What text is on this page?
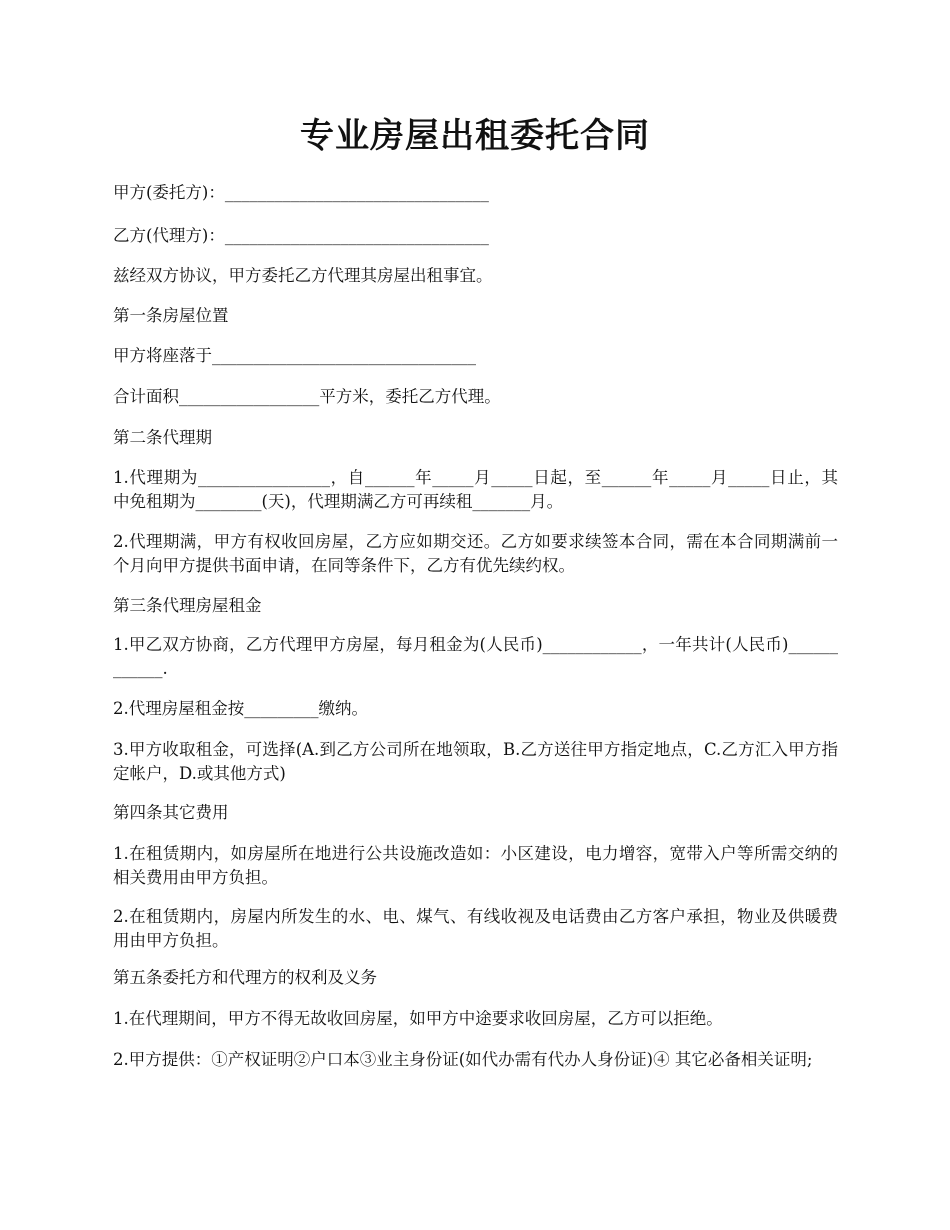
专业房屋出租委托合同
甲方(委托方)：________________________________
乙方(代理方)：________________________________
兹经双方协议，甲方委托乙方代理其房屋出租事宜。
第一条房屋位置
甲方将座落于________________________________
合计面积_________________平方米，委托乙方代理。
第二条代理期
1.代理期为________________，自______年_____月_____日起，至______年_____月_____日止，其中免租期为________(天)，代理期满乙方可再续租_______月。
2.代理期满，甲方有权收回房屋，乙方应如期交还。乙方如要求续签本合同，需在本合同期满前一个月向甲方提供书面申请，在同等条件下，乙方有优先续约权。
第三条代理房屋租金
1.甲乙双方协商，乙方代理甲方房屋，每月租金为(人民币)____________，一年共计(人民币)____________.
2.代理房屋租金按_________缴纳。
3.甲方收取租金，可选择(A.到乙方公司所在地领取，B.乙方送往甲方指定地点，C.乙方汇入甲方指定帐户，D.或其他方式)
第四条其它费用
1.在租赁期内，如房屋所在地进行公共设施改造如：小区建设，电力增容，宽带入户等所需交纳的相关费用由甲方负担。
2.在租赁期内，房屋内所发生的水、电、煤气、有线收视及电话费由乙方客户承担，物业及供暖费用由甲方负担。
第五条委托方和代理方的权利及义务
1.在代理期间，甲方不得无故收回房屋，如甲方中途要求收回房屋，乙方可以拒绝。
2.甲方提供：①产权证明②户口本③业主身份证(如代办需有代办人身份证)④ 其它必备相关证明;
